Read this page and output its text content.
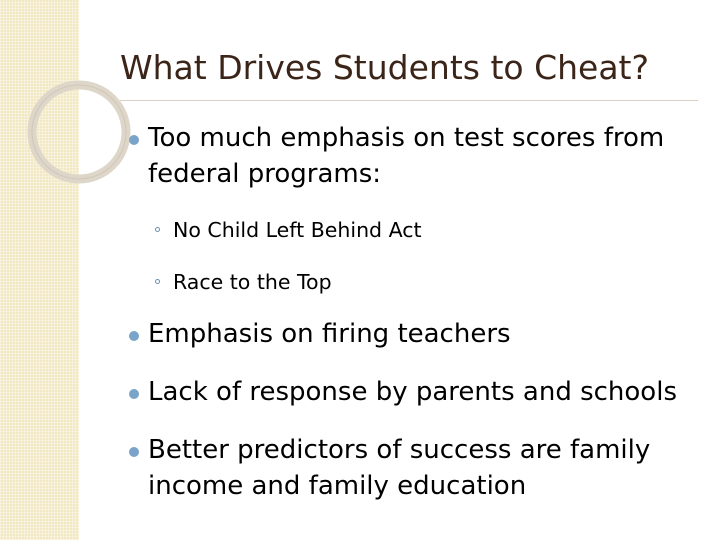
What Drives Students to Cheat?
Too much emphasis on test scores from federal programs:
No Child Left Behind Act
Race to the Top
Emphasis on firing teachers
Lack of response by parents and schools
Better predictors of success are family income and family education
